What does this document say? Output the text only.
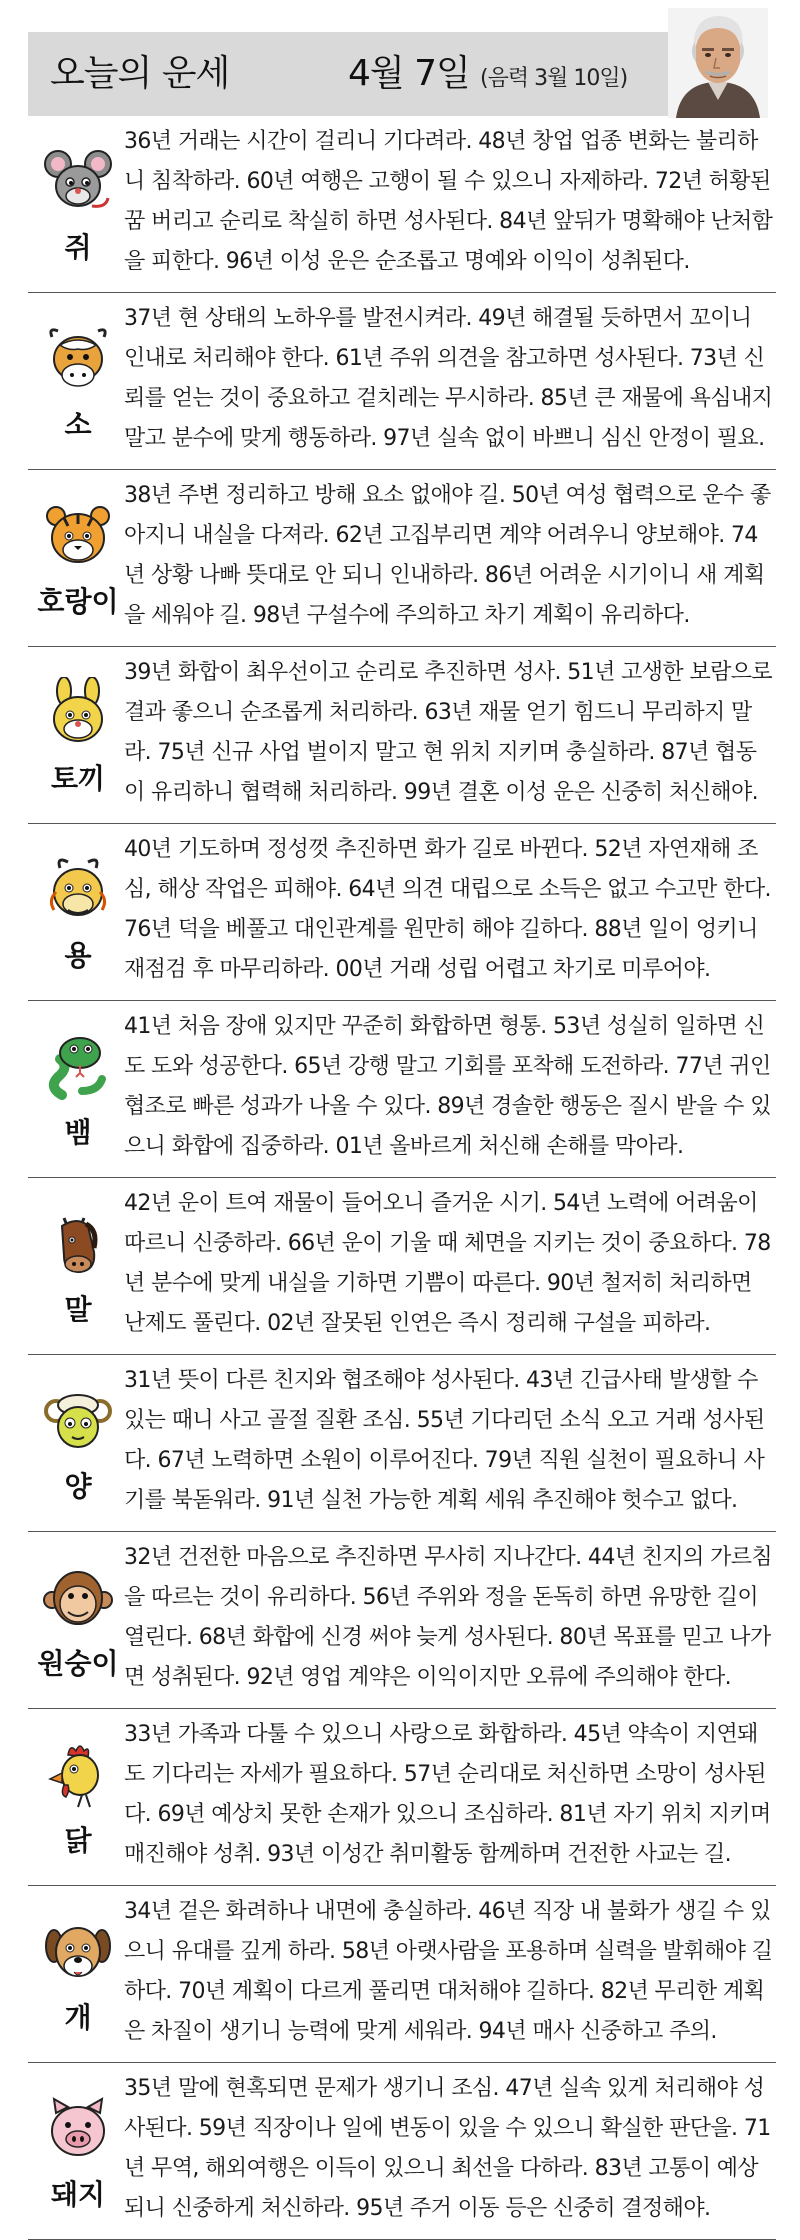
오늘의 운세	4월 7일 (음력 3월 10일)
쥐

36년 거래는 시간이 걸리니 기다려라. 48년 창업 업종 변화는 불리하니 침착하라. 60년 여행은 고행이 될 수 있으니 자제하라. 72년 허황된 꿈 버리고 순리로 착실히 하면 성사된다. 84년 앞뒤가 명확해야 난처함을 피한다. 96년 이성 운은 순조롭고 명예와 이익이 성취된다.

소

37년 현 상태의 노하우를 발전시켜라. 49년 해결될 듯하면서 꼬이니 인내로 처리해야 한다. 61년 주위 의견을 참고하면 성사된다. 73년 신뢰를 얻는 것이 중요하고 겉치레는 무시하라. 85년 큰 재물에 욕심내지 말고 분수에 맞게 행동하라. 97년 실속 없이 바쁘니 심신 안정이 필요.

호랑이

38년 주변 정리하고 방해 요소 없애야 길. 50년 여성 협력으로 운수 좋아지니 내실을 다져라. 62년 고집부리면 계약 어려우니 양보해야. 74년 상황 나빠 뜻대로 안 되니 인내하라. 86년 어려운 시기이니 새 계획을 세워야 길. 98년 구설수에 주의하고 차기 계획이 유리하다.

토끼

39년 화합이 최우선이고 순리로 추진하면 성사. 51년 고생한 보람으로 결과 좋으니 순조롭게 처리하라. 63년 재물 얻기 힘드니 무리하지 말라. 75년 신규 사업 벌이지 말고 현 위치 지키며 충실하라. 87년 협동이 유리하니 협력해 처리하라. 99년 결혼 이성 운은 신중히 처신해야.

용

40년 기도하며 정성껏 추진하면 화가 길로 바뀐다. 52년 자연재해 조심, 해상 작업은 피해야. 64년 의견 대립으로 소득은 없고 수고만 한다. 76년 덕을 베풀고 대인관계를 원만히 해야 길하다. 88년 일이 엉키니 재점검 후 마무리하라. 00년 거래 성립 어렵고 차기로 미루어야.

뱀

41년 처음 장애 있지만 꾸준히 화합하면 형통. 53년 성실히 일하면 신도 도와 성공한다. 65년 강행 말고 기회를 포착해 도전하라. 77년 귀인 협조로 빠른 성과가 나올 수 있다. 89년 경솔한 행동은 질시 받을 수 있으니 화합에 집중하라. 01년 올바르게 처신해 손해를 막아라.

말

42년 운이 트여 재물이 들어오니 즐거운 시기. 54년 노력에 어려움이 따르니 신중하라. 66년 운이 기울 때 체면을 지키는 것이 중요하다. 78년 분수에 맞게 내실을 기하면 기쁨이 따른다. 90년 철저히 처리하면 난제도 풀린다. 02년 잘못된 인연은 즉시 정리해 구설을 피하라.

양

31년 뜻이 다른 친지와 협조해야 성사된다. 43년 긴급사태 발생할 수 있는 때니 사고 골절 질환 조심. 55년 기다리던 소식 오고 거래 성사된다. 67년 노력하면 소원이 이루어진다. 79년 직원 실천이 필요하니 사기를 북돋워라. 91년 실천 가능한 계획 세워 추진해야 헛수고 없다.

원숭이

32년 건전한 마음으로 추진하면 무사히 지나간다. 44년 친지의 가르침을 따르는 것이 유리하다. 56년 주위와 정을 돈독히 하면 유망한 길이 열린다. 68년 화합에 신경 써야 늦게 성사된다. 80년 목표를 믿고 나가면 성취된다. 92년 영업 계약은 이익이지만 오류에 주의해야 한다.

닭

33년 가족과 다툴 수 있으니 사랑으로 화합하라. 45년 약속이 지연돼도 기다리는 자세가 필요하다. 57년 순리대로 처신하면 소망이 성사된다. 69년 예상치 못한 손재가 있으니 조심하라. 81년 자기 위치 지키며 매진해야 성취. 93년 이성간 취미활동 함께하며 건전한 사교는 길.

개

34년 겉은 화려하나 내면에 충실하라. 46년 직장 내 불화가 생길 수 있으니 유대를 깊게 하라. 58년 아랫사람을 포용하며 실력을 발휘해야 길하다. 70년 계획이 다르게 풀리면 대처해야 길하다. 82년 무리한 계획은 차질이 생기니 능력에 맞게 세워라. 94년 매사 신중하고 주의.

돼지

35년 말에 현혹되면 문제가 생기니 조심. 47년 실속 있게 처리해야 성사된다. 59년 직장이나 일에 변동이 있을 수 있으니 확실한 판단을. 71년 무역, 해외여행은 이득이 있으니 최선을 다하라. 83년 고통이 예상되니 신중하게 처신하라. 95년 주거 이동 등은 신중히 결정해야.
